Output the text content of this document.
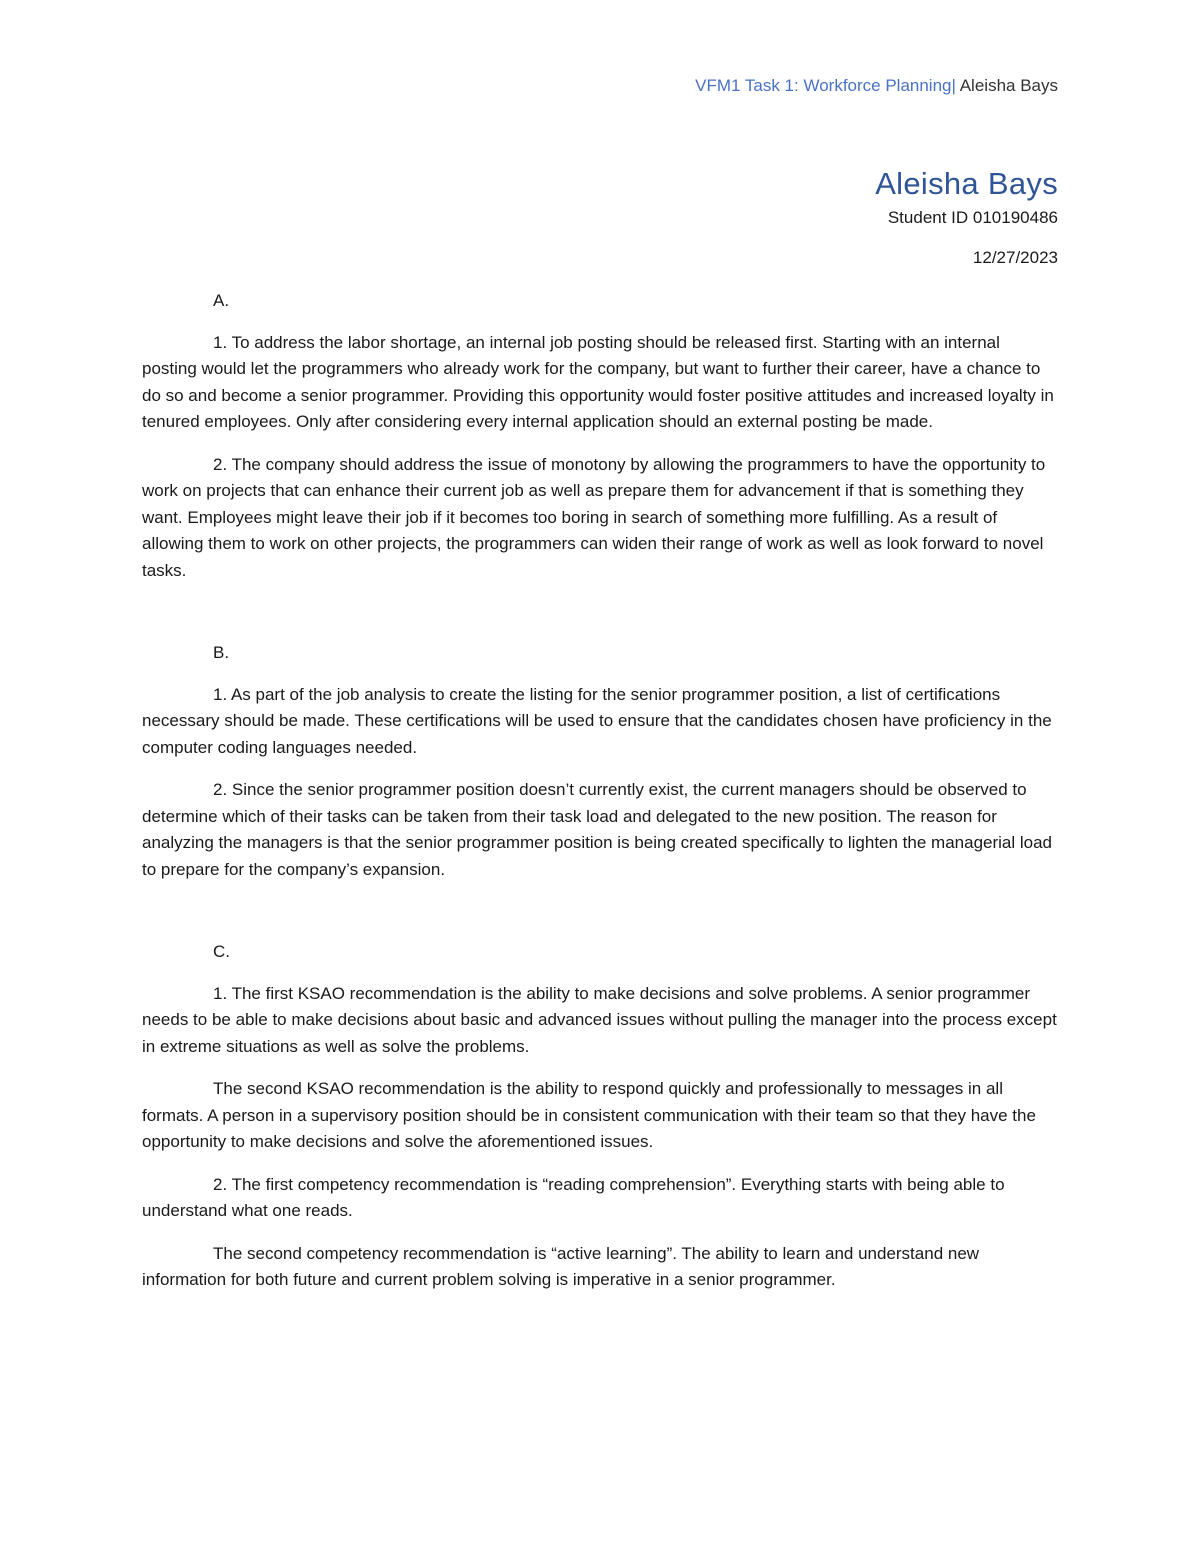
VFM1 Task 1: Workforce Planning| Aleisha Bays
Aleisha Bays
Student ID 010190486
12/27/2023
A.

1. To address the labor shortage, an internal job posting should be released first. Starting with an internal posting would let the programmers who already work for the company, but want to further their career, have a chance to do so and become a senior programmer. Providing this opportunity would foster positive attitudes and increased loyalty in tenured employees. Only after considering every internal application should an external posting be made.

2. The company should address the issue of monotony by allowing the programmers to have the opportunity to work on projects that can enhance their current job as well as prepare them for advancement if that is something they want. Employees might leave their job if it becomes too boring in search of something more fulfilling. As a result of allowing them to work on other projects, the programmers can widen their range of work as well as look forward to novel tasks.

B.

1. As part of the job analysis to create the listing for the senior programmer position, a list of certifications necessary should be made. These certifications will be used to ensure that the candidates chosen have proficiency in the computer coding languages needed.

2. Since the senior programmer position doesn’t currently exist, the current managers should be observed to determine which of their tasks can be taken from their task load and delegated to the new position. The reason for analyzing the managers is that the senior programmer position is being created specifically to lighten the managerial load to prepare for the company’s expansion.

C.

1. The first KSAO recommendation is the ability to make decisions and solve problems. A senior programmer needs to be able to make decisions about basic and advanced issues without pulling the manager into the process except in extreme situations as well as solve the problems.

The second KSAO recommendation is the ability to respond quickly and professionally to messages in all formats. A person in a supervisory position should be in consistent communication with their team so that they have the opportunity to make decisions and solve the aforementioned issues.

2. The first competency recommendation is “reading comprehension”. Everything starts with being able to understand what one reads.

The second competency recommendation is “active learning”. The ability to learn and understand new information for both future and current problem solving is imperative in a senior programmer.
